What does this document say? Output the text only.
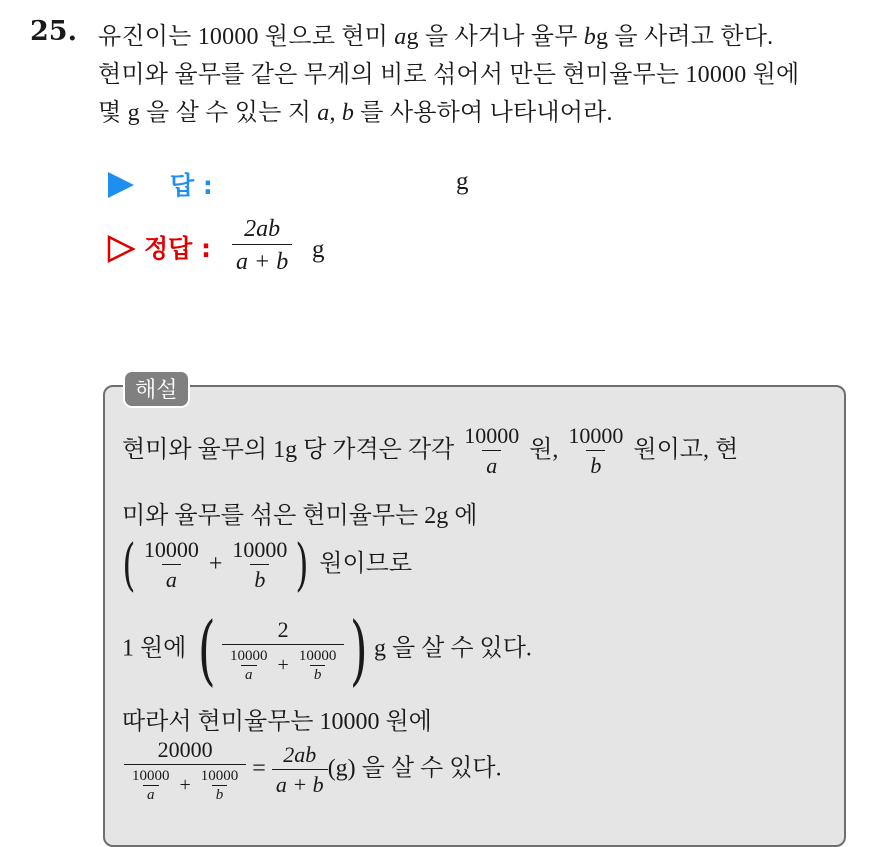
25. 유진이는 10000 원으로 현미 ag 을 사거나 율무 bg 을 사려고 한다.
현미와 율무를 같은 무게의 비로 섞어서 만든 현미율무는 10000 원에
몇 g 을 살 수 있는 지 a, b 를 사용하여 나타내어라.
답 :	g
정답 : $\frac{2ab}{a + b}$ g
해설
현미와 율무의 1g 당 가격은 각각 $\frac{10000}{a}$ 원, $\frac{10000}{b}$ 원이고, 현
미와 율무를 섞은 현미율무는 2g 에
( $\frac{10000}{a} + \frac{10000}{b}$ ) 원이므로
1 원에 ( $\frac{2}{\frac{10000}{a} + \frac{10000}{b}}$ ) g 을 살 수 있다.
따라서 현미율무는 10000 원에
$\frac{20000}{\frac{10000}{a} + \frac{10000}{b}} = \frac{2ab}{a + b} (g)$ 을 살 수 있다.
